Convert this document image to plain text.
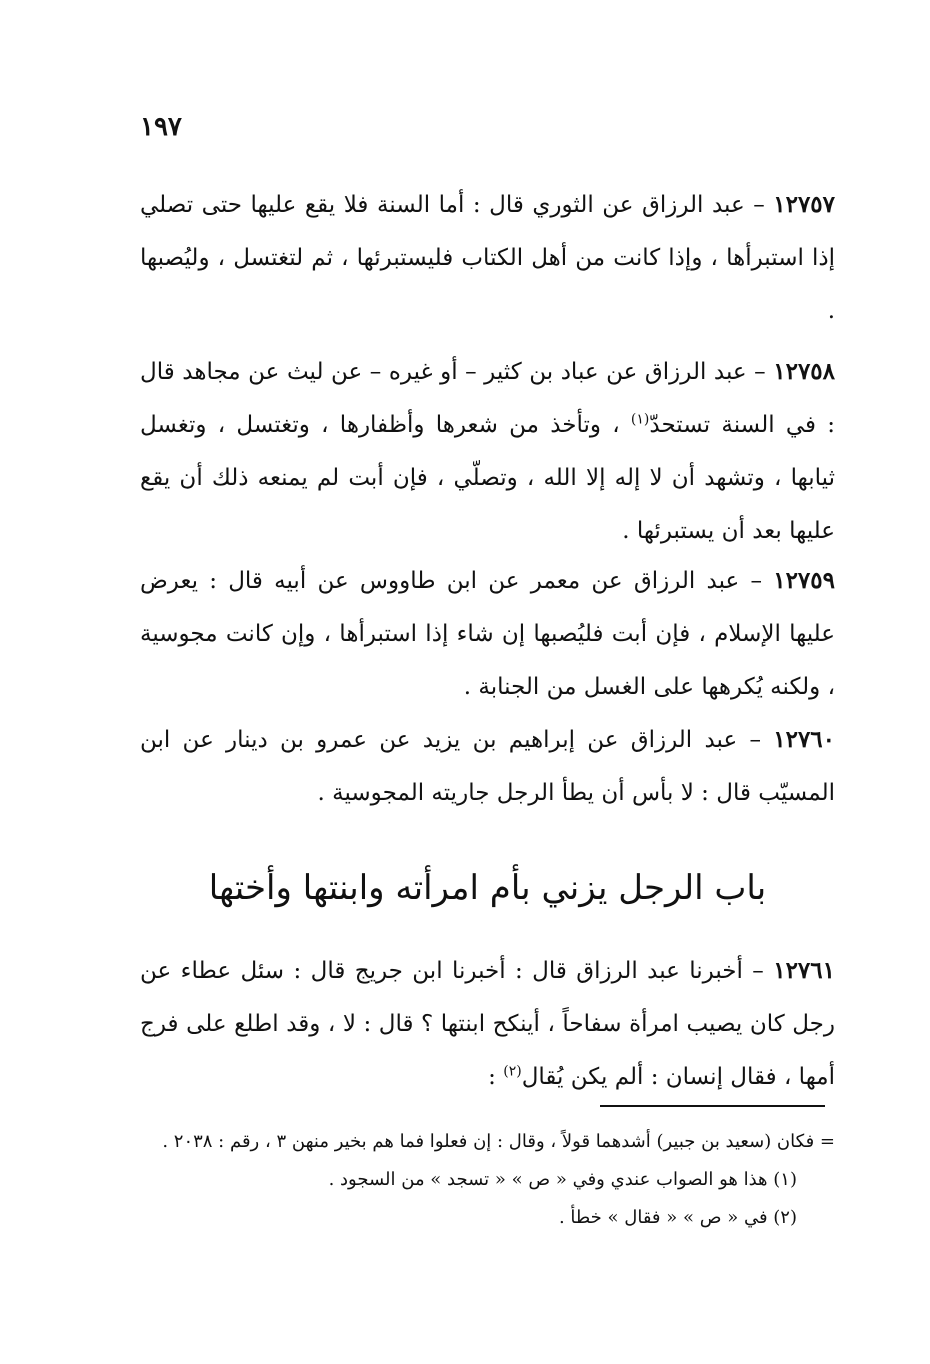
١٩٧

١٢٧٥٧ – عبد الرزاق عن الثوري قال : أما السنة فلا يقع عليها حتى تصلي إذا استبرأها ، وإذا كانت من أهل الكتاب فليستبرئها ، ثم لتغتسل ، وليُصبها .

١٢٧٥٨ – عبد الرزاق عن عباد بن كثير – أو غيره – عن ليث عن مجاهد قال : في السنة تستحدّ$^{(١)}$ ، وتأخذ من شعرها وأظفارها ، وتغتسل ، وتغسل ثيابها ، وتشهد أن لا إله إلا الله ، وتصلّي ، فإن أبت لم يمنعه ذلك أن يقع عليها بعد أن يستبرئها .

١٢٧٥٩ – عبد الرزاق عن معمر عن ابن طاووس عن أبيه قال : يعرض عليها الإسلام ، فإن أبت فليُصبها إن شاء إذا استبرأها ، وإن كانت مجوسية ، ولكنه يُكرهها على الغسل من الجنابة .

١٢٧٦٠ – عبد الرزاق عن إبراهيم بن يزيد عن عمرو بن دينار عن ابن المسيّب قال : لا بأس أن يطأ الرجل جاريته المجوسية .

باب الرجل يزني بأم امرأته وابنتها وأختها

١٢٧٦١ – أخبرنا عبد الرزاق قال : أخبرنا ابن جريج قال : سئل عطاء عن رجل كان يصيب امرأة سفاحاً ، أينكح ابنتها ؟ قال : لا ، وقد اطلع على فرج أمها ، فقال إنسان : ألم يكن يُقال$^{(٢)}$ :

= فكان (سعيد بن جبير) أشدهما قولاً ، وقال : إن فعلوا فما هم بخير منهن ٣ ، رقم : ٢٠٣٨ .
(١) هذا هو الصواب عندي وفي « ص » « تسجد » من السجود .
(٢) في « ص » « فقال » خطأ .
